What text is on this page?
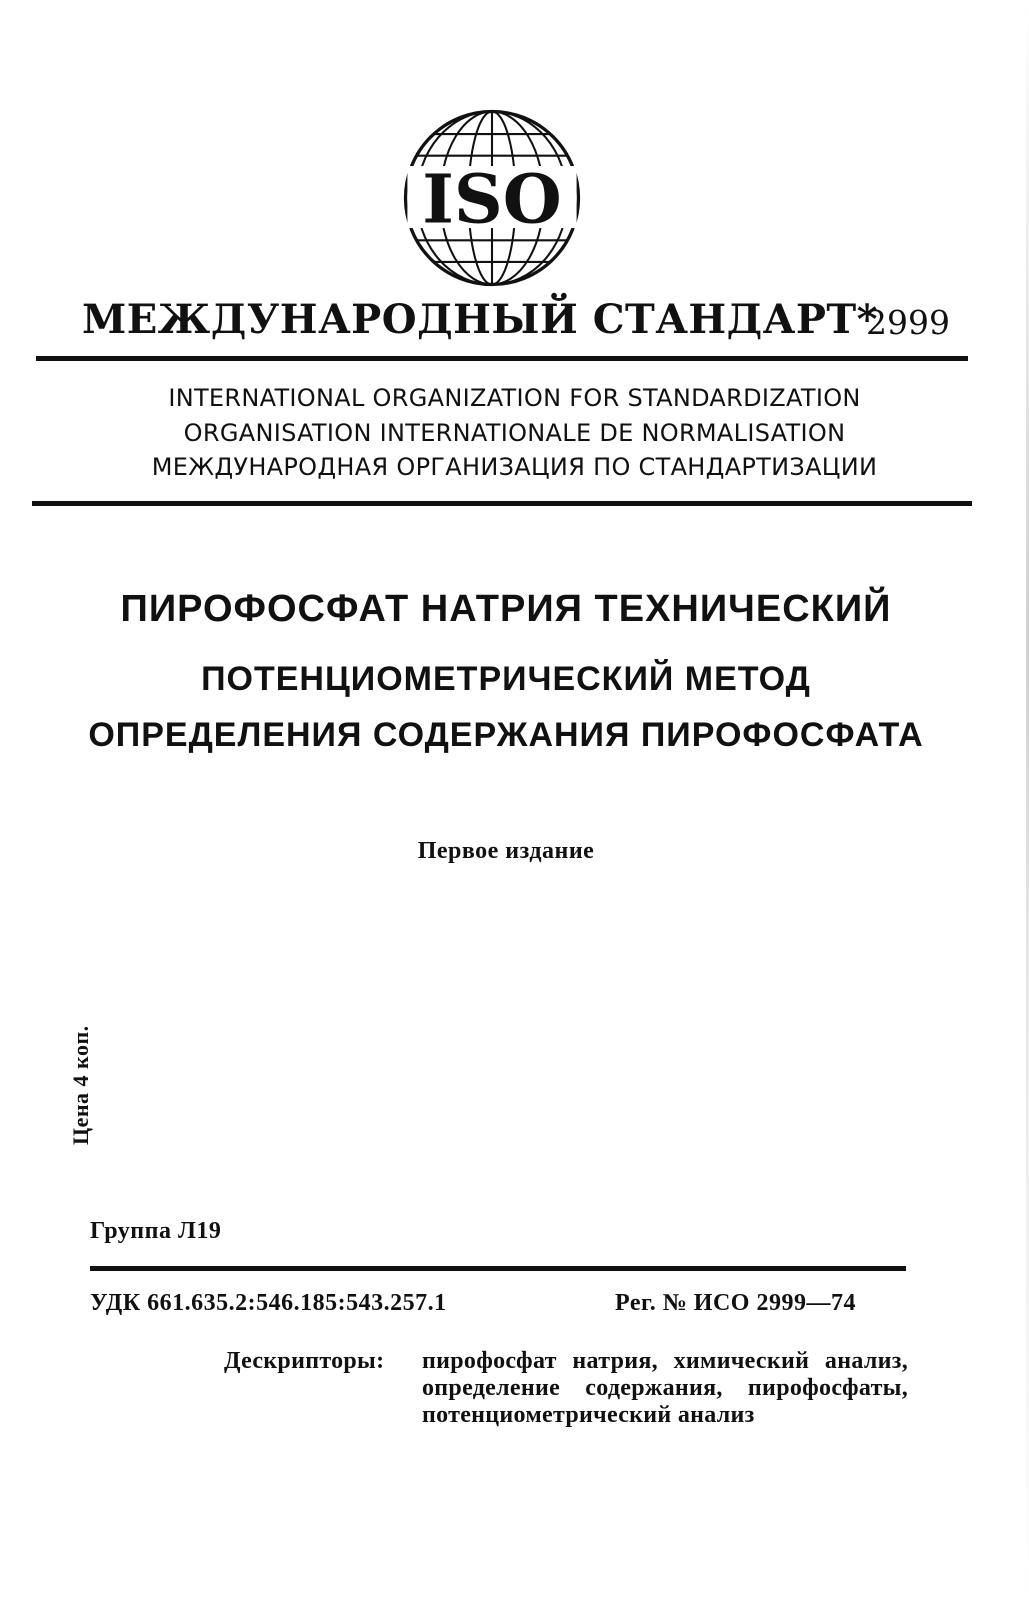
ISO
МЕЖДУНАРОДНЫЙ СТАНДАРТ*
2999
INTERNATIONAL ORGANIZATION FOR STANDARDIZATION
ORGANISATION INTERNATIONALE DE NORMALISATION
МЕЖДУНАРОДНАЯ ОРГАНИЗАЦИЯ ПО СТАНДАРТИЗАЦИИ
ПИРОФОСФАТ НАТРИЯ ТЕХНИЧЕСКИЙ
ПОТЕНЦИОМЕТРИЧЕСКИЙ МЕТОД
ОПРЕДЕЛЕНИЯ СОДЕРЖАНИЯ ПИРОФОСФАТА
Первое издание
Цена 4 коп.
Группа Л19
УДК 661.635.2:546.185:543.257.1	Рег. № ИСО 2999—74
Дескрипторы: пирофосфат натрия, химический анализ, определение содержания, пирофосфаты, потенциометрический анализ
